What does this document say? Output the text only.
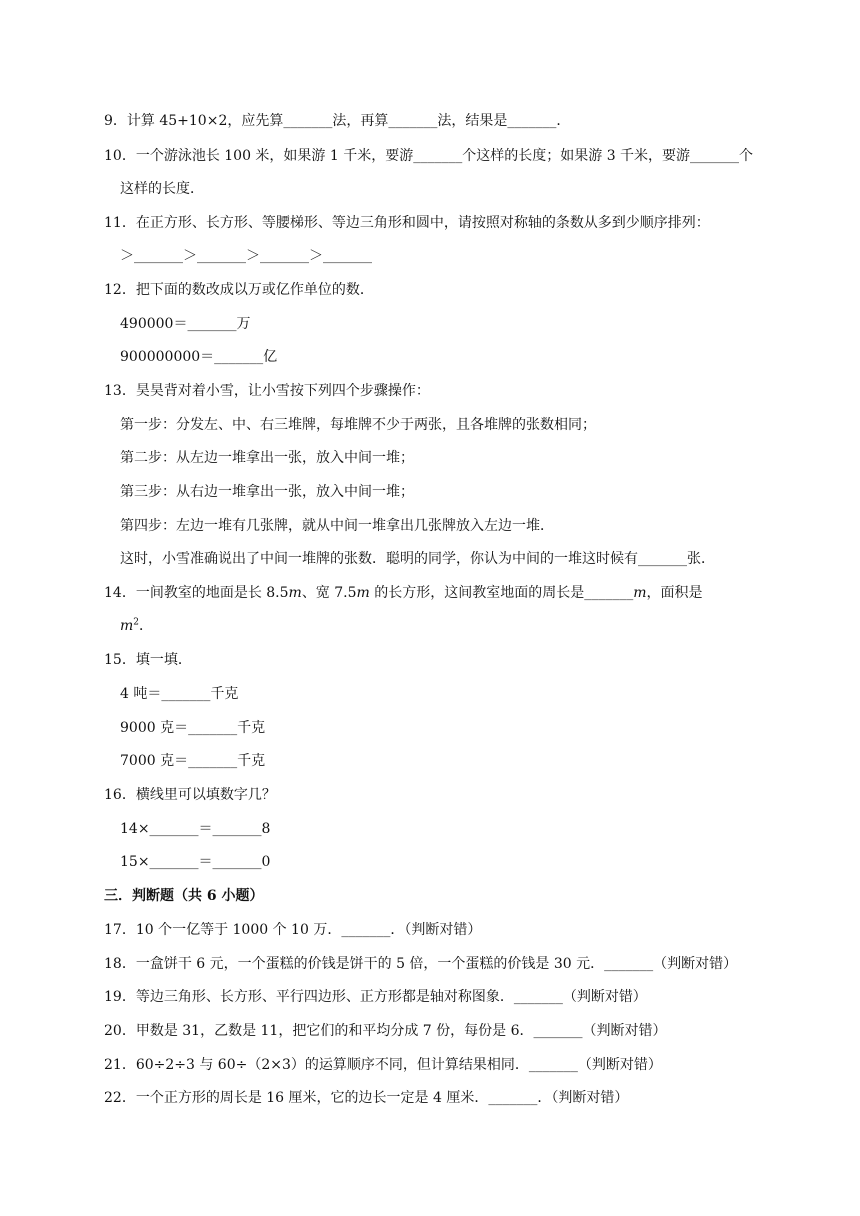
9．计算 45+10×2，应先算_______法，再算_______法，结果是_______．
10．一个游泳池长 100 米，如果游 1 千米，要游_______个这样的长度；如果游 3 千米，要游_______个
这样的长度．
11．在正方形、长方形、等腰梯形、等边三角形和圆中，请按照对称轴的条数从多到少顺序排列：
＞_______＞_______＞_______＞_______
12．把下面的数改成以万或亿作单位的数．
490000＝_______万
900000000＝_______亿
13．昊昊背对着小雪，让小雪按下列四个步骤操作：
第一步：分发左、中、右三堆牌，每堆牌不少于两张，且各堆牌的张数相同；
第二步：从左边一堆拿出一张，放入中间一堆；
第三步：从右边一堆拿出一张，放入中间一堆；
第四步：左边一堆有几张牌，就从中间一堆拿出几张牌放入左边一堆．
这时，小雪准确说出了中间一堆牌的张数．聪明的同学，你认为中间的一堆这时候有_______张．
14．一间教室的地面是长 8.5m、宽 7.5m 的长方形，这间教室地面的周长是_______m，面积是
$m^2$．
15．填一填．
4 吨＝_______千克
9000 克＝_______千克
7000 克＝_______千克
16．横线里可以填数字几？
14×_______＝_______8
15×_______＝_______0
三．判断题（共 6 小题）
17．10 个一亿等于 1000 个 10 万．_______．（判断对错）
18．一盒饼干 6 元，一个蛋糕的价钱是饼干的 5 倍，一个蛋糕的价钱是 30 元．_______（判断对错）
19．等边三角形、长方形、平行四边形、正方形都是轴对称图象．_______（判断对错）
20．甲数是 31，乙数是 11，把它们的和平均分成 7 份，每份是 6．_______（判断对错）
21．60÷2÷3 与 60÷（2×3）的运算顺序不同，但计算结果相同．_______（判断对错）
22．一个正方形的周长是 16 厘米，它的边长一定是 4 厘米．_______．（判断对错）
